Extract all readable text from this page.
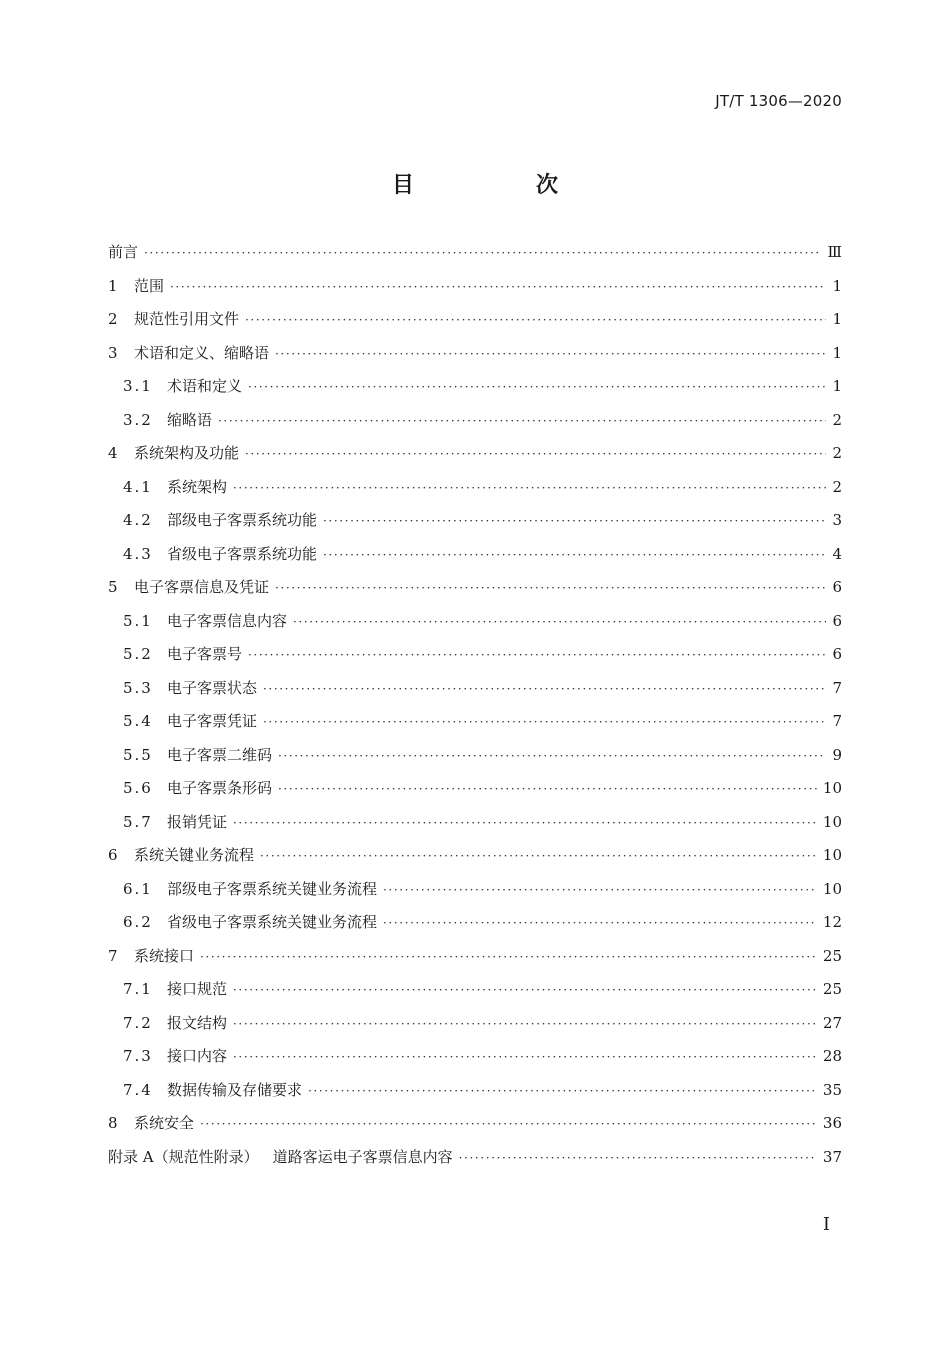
JT/T 1306—2020
目　次
前言 ·····	Ⅲ
1	范围 ·····	1
2	规范性引用文件 ·····	1
3	术语和定义、缩略语 ·····	1
3.1 术语和定义 ·····	1
3.2 缩略语 ·····	2
4	系统架构及功能 ·····	2
4.1 系统架构 ·····	2
4.2 部级电子客票系统功能 ·····	3
4.3 省级电子客票系统功能 ·····	4
5	电子客票信息及凭证 ·····	6
5.1 电子客票信息内容 ·····	6
5.2 电子客票号 ·····	6
5.3 电子客票状态 ·····	7
5.4 电子客票凭证 ·····	7
5.5 电子客票二维码 ·····	9
5.6 电子客票条形码 ·····	10
5.7 报销凭证 ·····	10
6	系统关键业务流程 ·····	10
6.1 部级电子客票系统关键业务流程 ·····	10
6.2 省级电子客票系统关键业务流程 ·····	12
7	系统接口 ·····	25
7.1 接口规范 ·····	25
7.2 报文结构 ·····	27
7.3 接口内容 ·····	28
7.4 数据传输及存储要求 ·····	35
8	系统安全 ·····	36
附录 A（规范性附录） 道路客运电子客票信息内容 ·····	37
I
